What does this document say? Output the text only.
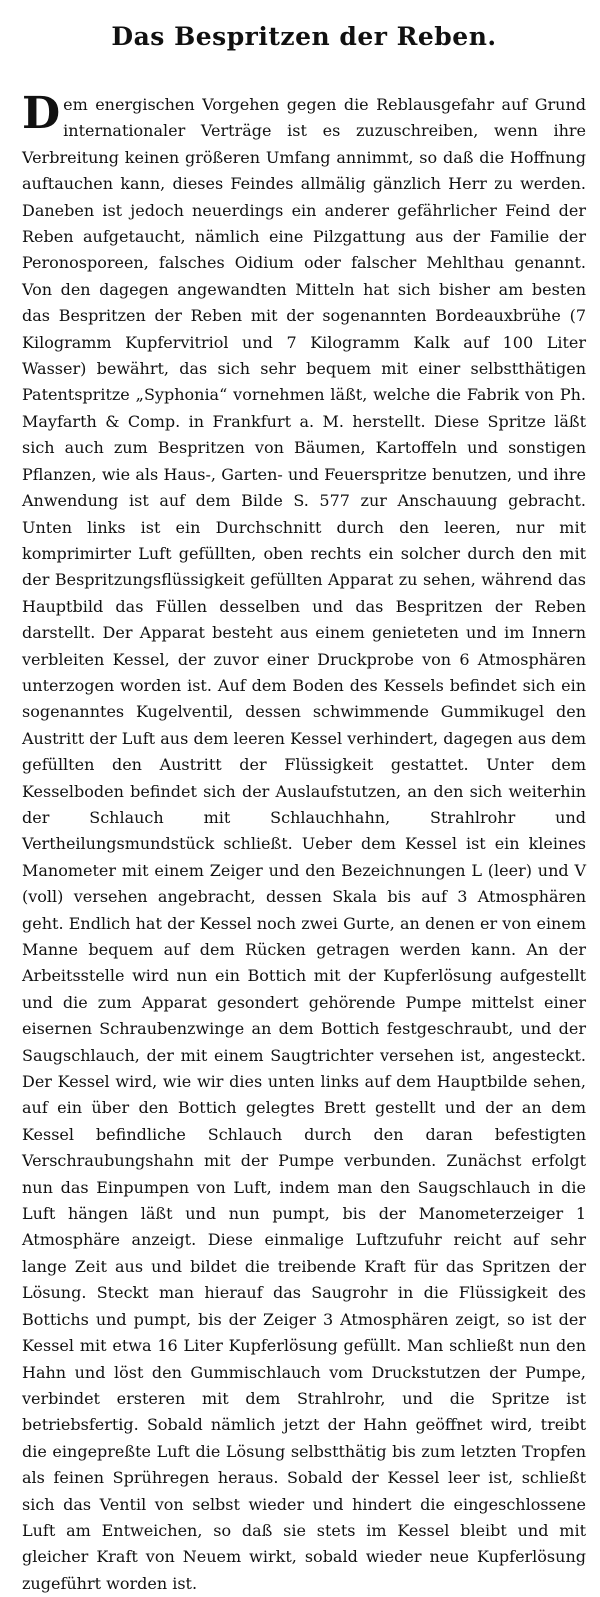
Das Bespritzen der Reben.

Dem energischen Vorgehen gegen die Reblausgefahr auf Grund internationaler Verträge ist es zuzuschreiben, wenn ihre Verbreitung keinen größeren Umfang annimmt, so daß die Hoffnung auftauchen kann, dieses Feindes allmälig gänzlich Herr zu werden. Daneben ist jedoch neuerdings ein anderer gefährlicher Feind der Reben aufgetaucht, nämlich eine Pilzgattung aus der Familie der Peronosporeen, falsches Oidium oder falscher Mehlthau genannt. Von den dagegen angewandten Mitteln hat sich bisher am besten das Bespritzen der Reben mit der sogenannten Bordeauxbrühe (7 Kilogramm Kupfervitriol und 7 Kilogramm Kalk auf 100 Liter Wasser) bewährt, das sich sehr bequem mit einer selbstthätigen Patentspritze „Syphonia“ vornehmen läßt, welche die Fabrik von Ph. Mayfarth & Comp. in Frankfurt a. M. herstellt. Diese Spritze läßt sich auch zum Bespritzen von Bäumen, Kartoffeln und sonstigen Pflanzen, wie als Haus-, Garten- und Feuerspritze benutzen, und ihre Anwendung ist auf dem Bilde S. 577 zur Anschauung gebracht. Unten links ist ein Durchschnitt durch den leeren, nur mit komprimirter Luft gefüllten, oben rechts ein solcher durch den mit der Bespritzungsflüssigkeit gefüllten Apparat zu sehen, während das Hauptbild das Füllen desselben und das Bespritzen der Reben darstellt. Der Apparat besteht aus einem genieteten und im Innern verbleiten Kessel, der zuvor einer Druckprobe von 6 Atmosphären unterzogen worden ist. Auf dem Boden des Kessels befindet sich ein sogenanntes Kugelventil, dessen schwimmende Gummikugel den Austritt der Luft aus dem leeren Kessel verhindert, dagegen aus dem gefüllten den Austritt der Flüssigkeit gestattet. Unter dem Kesselboden befindet sich der Auslaufstutzen, an den sich weiterhin der Schlauch mit Schlauchhahn, Strahlrohr und Vertheilungsmundstück schließt. Ueber dem Kessel ist ein kleines Manometer mit einem Zeiger und den Bezeichnungen L (leer) und V (voll) versehen angebracht, dessen Skala bis auf 3 Atmosphären geht. Endlich hat der Kessel noch zwei Gurte, an denen er von einem Manne bequem auf dem Rücken getragen werden kann. An der Arbeitsstelle wird nun ein Bottich mit der Kupferlösung aufgestellt und die zum Apparat gesondert gehörende Pumpe mittelst einer eisernen Schraubenzwinge an dem Bottich festgeschraubt, und der Saugschlauch, der mit einem Saugtrichter versehen ist, angesteckt. Der Kessel wird, wie wir dies unten links auf dem Hauptbilde sehen, auf ein über den Bottich gelegtes Brett gestellt und der an dem Kessel befindliche Schlauch durch den daran befestigten Verschraubungshahn mit der Pumpe verbunden. Zunächst erfolgt nun das Einpumpen von Luft, indem man den Saugschlauch in die Luft hängen läßt und nun pumpt, bis der Manometerzeiger 1 Atmosphäre anzeigt. Diese einmalige Luftzufuhr reicht auf sehr lange Zeit aus und bildet die treibende Kraft für das Spritzen der Lösung. Steckt man hierauf das Saugrohr in die Flüssigkeit des Bottichs und pumpt, bis der Zeiger 3 Atmosphären zeigt, so ist der Kessel mit etwa 16 Liter Kupferlösung gefüllt. Man schließt nun den Hahn und löst den Gummischlauch vom Druckstutzen der Pumpe, verbindet ersteren mit dem Strahlrohr, und die Spritze ist betriebsfertig. Sobald nämlich jetzt der Hahn geöffnet wird, treibt die eingepreßte Luft die Lösung selbstthätig bis zum letzten Tropfen als feinen Sprühregen heraus. Sobald der Kessel leer ist, schließt sich das Ventil von selbst wieder und hindert die eingeschlossene Luft am Entweichen, so daß sie stets im Kessel bleibt und mit gleicher Kraft von Neuem wirkt, sobald wieder neue Kupferlösung zugeführt worden ist.
